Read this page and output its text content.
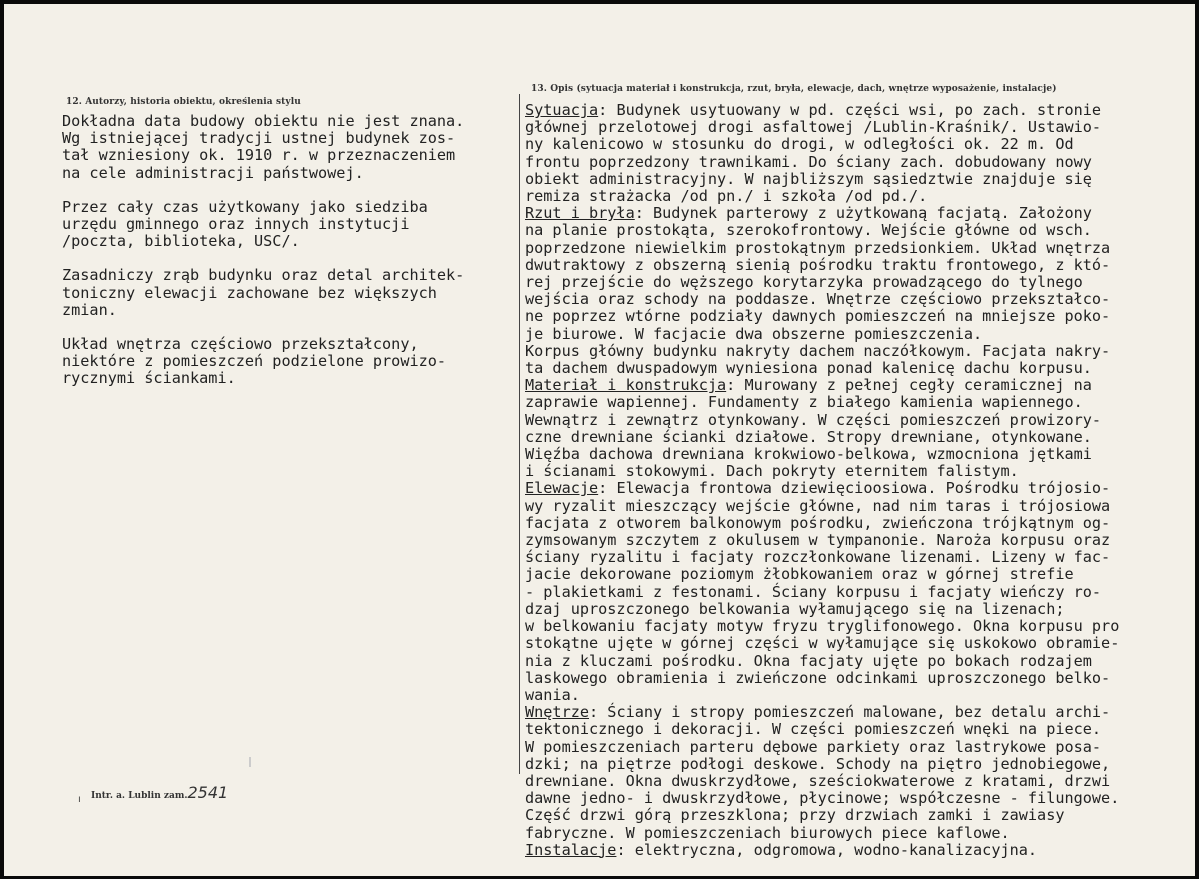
12. Autorzy, historia obiektu, określenia stylu
13. Opis (sytuacja materiał i konstrukcja, rzut, bryła, elewacje, dach, wnętrze wyposażenie, instalacje)

Dokładna data budowy obiektu nie jest znana.
Wg istniejącej tradycji ustnej budynek zos-
tał wzniesiony ok. 1910 r. w przeznaczeniem
na cele administracji państwowej.

Przez cały czas użytkowany jako siedziba
urzędu gminnego oraz innych instytucji
/poczta, biblioteka, USC/.

Zasadniczy zrąb budynku oraz detal architek-
toniczny elewacji zachowane bez większych
zmian.

Układ wnętrza częściowo przekształcony,
niektóre z pomieszczeń podzielone prowizo-
rycznymi ściankami.

Sytuacja: Budynek usytuowany w pd. części wsi, po zach. stronie
głównej przelotowej drogi asfaltowej /Lublin-Kraśnik/. Ustawio-
ny kalenicowo w stosunku do drogi, w odległości ok. 22 m. Od
frontu poprzedzony trawnikami. Do ściany zach. dobudowany nowy
obiekt administracyjny. W najbliższym sąsiedztwie znajduje się
remiza strażacka /od pn./ i szkoła /od pd./.

Rzut i bryła: Budynek parterowy z użytkowaną facjatą. Założony
na planie prostokąta, szerokofrontowy. Wejście główne od wsch.
poprzedzone niewielkim prostokątnym przedsionkiem. Układ wnętrza
dwutraktowy z obszerną sienią pośrodku traktu frontowego, z któ-
rej przejście do węższego korytarzyka prowadzącego do tylnego
wejścia oraz schody na poddasze. Wnętrze częściowo przekształco-
ne poprzez wtórne podziały dawnych pomieszczeń na mniejsze poko-
je biurowe. W facjacie dwa obszerne pomieszczenia.
Korpus główny budynku nakryty dachem naczółkowym. Facjata nakry-
ta dachem dwuspadowym wyniesiona ponad kalenicę dachu korpusu.

Materiał i konstrukcja: Murowany z pełnej cegły ceramicznej na
zaprawie wapiennej. Fundamenty z białego kamienia wapiennego.
Wewnątrz i zewnątrz otynkowany. W części pomieszczeń prowizory-
czne drewniane ścianki działowe. Stropy drewniane, otynkowane.
Więźba dachowa drewniana krokwiowo-belkowa, wzmocniona jętkami
i ścianami stokowymi. Dach pokryty eternitem falistym.

Elewacje: Elewacja frontowa dziewięcioosiowa. Pośrodku trójosio-
wy ryzalit mieszczący wejście główne, nad nim taras i trójosiowa
facjata z otworem balkonowym pośrodku, zwieńczona trójkątnym og-
zymsowanym szczytem z okulusem w tympanonie. Naroża korpusu oraz
ściany ryzalitu i facjaty rozczłonkowane lizenami. Lizeny w fac-
jacie dekorowane poziomym żłobkowaniem oraz w górnej strefie
- plakietkami z festonami. Ściany korpusu i facjaty wieńczy ro-
dzaj uproszczonego belkowania wyłamującego się na lizenach;
w belkowaniu facjaty motyw fryzu tryglifonowego. Okna korpusu pro
stokątne ujęte w górnej części w wyłamujące się uskokowo obramie-
nia z kluczami pośrodku. Okna facjaty ujęte po bokach rodzajem
laskowego obramienia i zwieńczone odcinkami uproszczonego belko-
wania.

Wnętrze: Ściany i stropy pomieszczeń malowane, bez detalu archi-
tektonicznego i dekoracji. W części pomieszczeń wnęki na piece.
W pomieszczeniach parteru dębowe parkiety oraz lastrykowe posa-
dzki; na piętrze podłogi deskowe. Schody na piętro jednobiegowe,
drewniane. Okna dwuskrzydłowe, sześciokwaterowe z kratami, drzwi
dawne jedno- i dwuskrzydłowe, płycinowe; współczesne - filungowe.
Część drzwi górą przeszklona; przy drzwiach zamki i zawiasy
fabryczne. W pomieszczeniach biurowych piece kaflowe.

Instalacje: elektryczna, odgromowa, wodno-kanalizacyjna.

ı Intr. a. Lublin zam.2541
